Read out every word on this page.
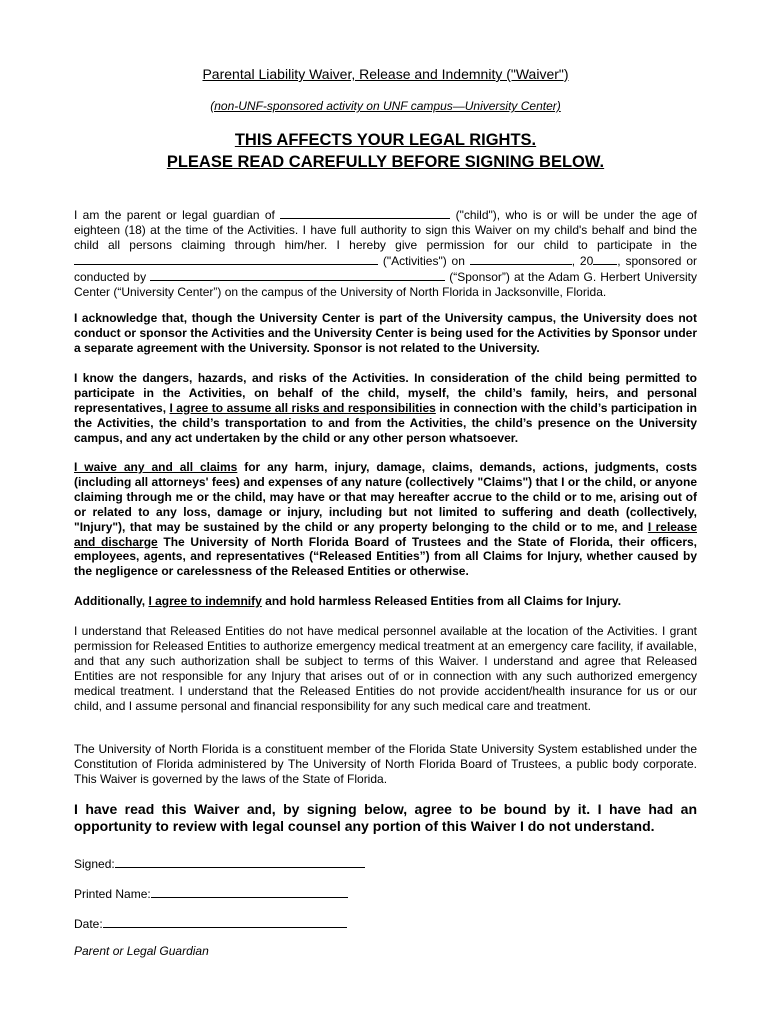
Parental Liability Waiver, Release and Indemnity ("Waiver")
(non-UNF-sponsored activity on UNF campus—University Center)
THIS AFFECTS YOUR LEGAL RIGHTS.
PLEASE READ CAREFULLY BEFORE SIGNING BELOW.
I am the parent or legal guardian of	("child"), who is or will be under the age of eighteen (18) at the time of the Activities. I have full authority to sign this Waiver on my child's behalf and bind the child all persons claiming through him/her. I hereby give permission for our child to participate in the  ("Activities") on	, 20 , sponsored or conducted by	(“Sponsor”) at the Adam G. Herbert University Center (“University Center”) on the campus of the University of North Florida in Jacksonville, Florida.
I acknowledge that, though the University Center is part of the University campus, the University does not conduct or sponsor the Activities and the University Center is being used for the Activities by Sponsor under a separate agreement with the University. Sponsor is not related to the University.
I know the dangers, hazards, and risks of the Activities. In consideration of the child being permitted to participate in the Activities, on behalf of the child, myself, the child’s family, heirs, and personal representatives, I agree to assume all risks and responsibilities in connection with the child’s participation in the Activities, the child’s transportation to and from the Activities, the child’s presence on the University campus, and any act undertaken by the child or any other person whatsoever.
I waive any and all claims for any harm, injury, damage, claims, demands, actions, judgments, costs (including all attorneys' fees) and expenses of any nature (collectively "Claims") that I or the child, or anyone claiming through me or the child, may have or that may hereafter accrue to the child or to me, arising out of or related to any loss, damage or injury, including but not limited to suffering and death (collectively, "Injury"), that may be sustained by the child or any property belonging to the child or to me, and I release and discharge The University of North Florida Board of Trustees and the State of Florida, their officers, employees, agents, and representatives (“Released Entities”) from all Claims for Injury, whether caused by the negligence or carelessness of the Released Entities or otherwise.
Additionally, I agree to indemnify and hold harmless Released Entities from all Claims for Injury.
I understand that Released Entities do not have medical personnel available at the location of the Activities. I grant permission for Released Entities to authorize emergency medical treatment at an emergency care facility, if available, and that any such authorization shall be subject to terms of this Waiver. I understand and agree that Released Entities are not responsible for any Injury that arises out of or in connection with any such authorized emergency medical treatment. I understand that the Released Entities do not provide accident/health insurance for us or our child, and I assume personal and financial responsibility for any such medical care and treatment.
The University of North Florida is a constituent member of the Florida State University System established under the Constitution of Florida administered by The University of North Florida Board of Trustees, a public body corporate. This Waiver is governed by the laws of the State of Florida.
I have read this Waiver and, by signing below, agree to be bound by it. I have had an opportunity to review with legal counsel any portion of this Waiver I do not understand.
Signed:
Printed Name:
Date:
Parent or Legal Guardian
